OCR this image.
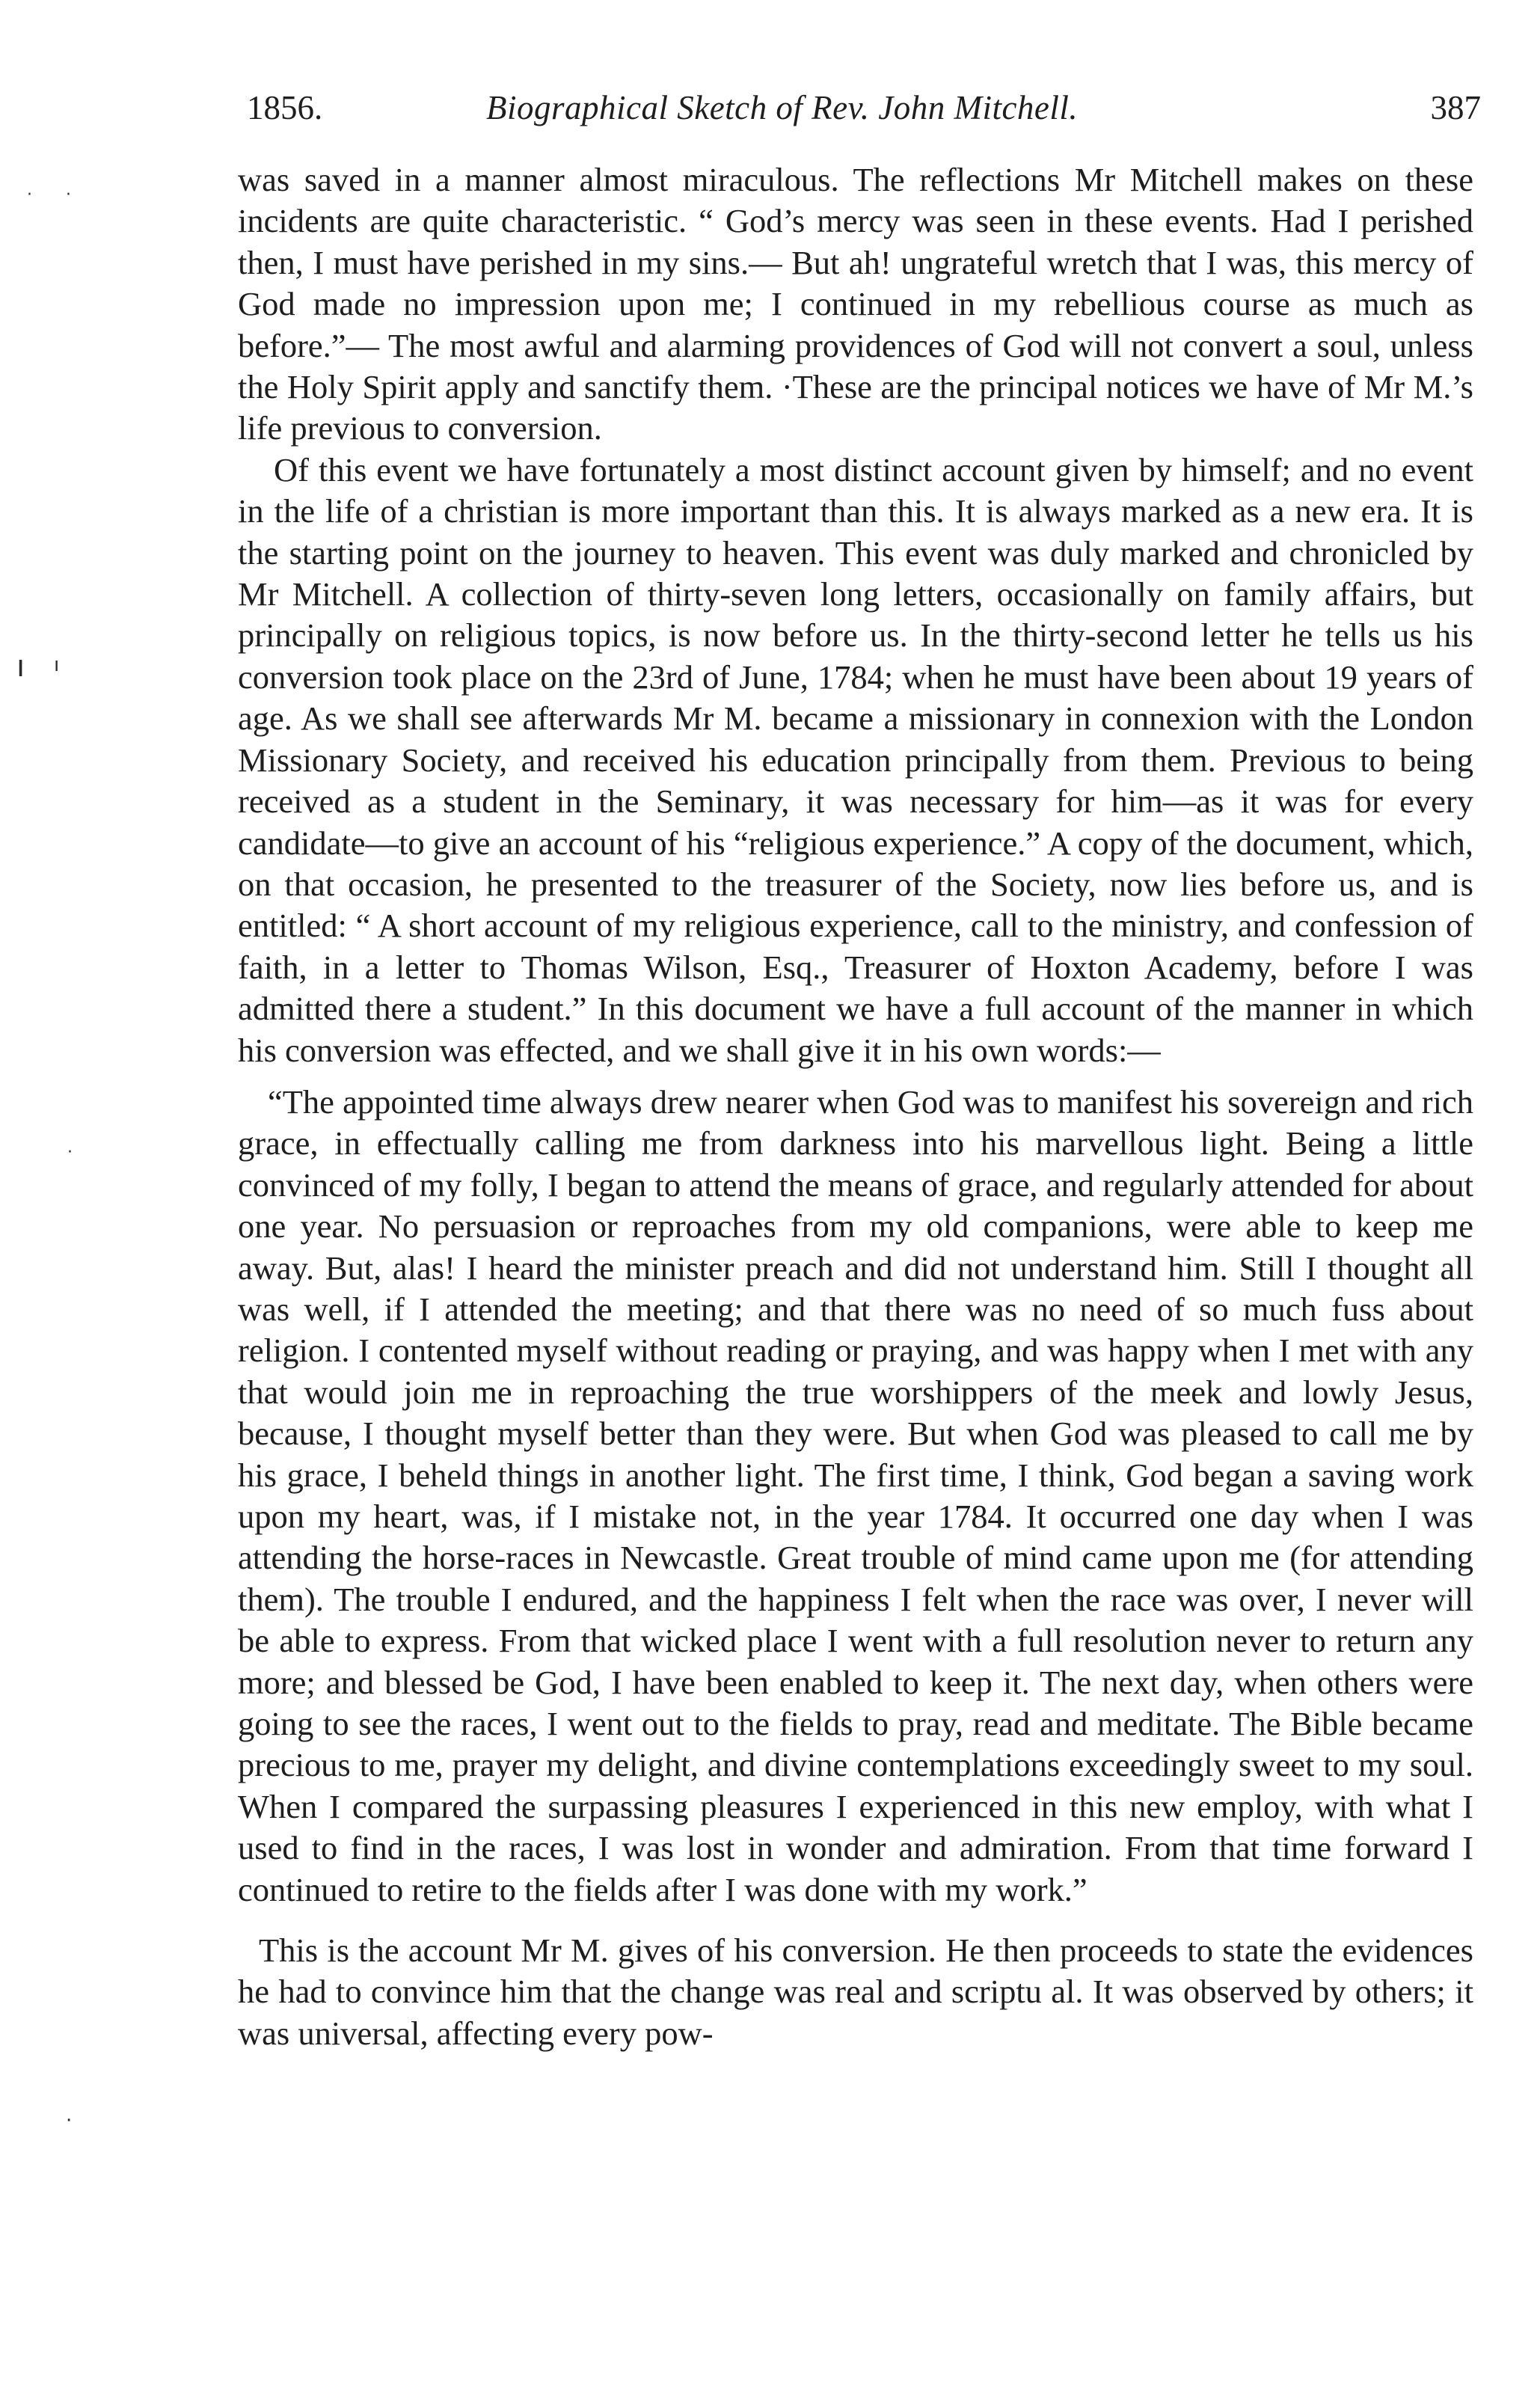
1856.	Biographical Sketch of Rev. John Mitchell.	387
· ·
ı ı
·
·

was saved in a manner almost miraculous. The reflections Mr Mitchell makes on these incidents are quite characteristic. “ God’s mercy was seen in these events. Had I perished then, I must have perished in my sins.— But ah! ungrateful wretch that I was, this mercy of God made no impression upon me; I continued in my rebellious course as much as before.”— The most awful and alarming providences of God will not convert a soul, unless the Holy Spirit apply and sanctify them. ·These are the principal notices we have of Mr M.’s life previous to conversion.

Of this event we have fortunately a most distinct account given by himself; and no event in the life of a christian is more important than this. It is always marked as a new era. It is the starting point on the journey to heaven. This event was duly marked and chronicled by Mr Mitchell. A collection of thirty-seven long letters, occasionally on family affairs, but principally on religious topics, is now before us. In the thirty-second letter he tells us his conversion took place on the 23rd of June, 1784; when he must have been about 19 years of age. As we shall see afterwards Mr M. became a missionary in connexion with the London Missionary Society, and received his education principally from them. Previous to being received as a student in the Seminary, it was necessary for him—as it was for every candidate—to give an account of his “religious experience.” A copy of the document, which, on that occasion, he presented to the treasurer of the Society, now lies before us, and is entitled: “ A short account of my religious experience, call to the ministry, and confession of faith, in a letter to Thomas Wilson, Esq., Treasurer of Hoxton Academy, before I was admitted there a student.” In this document we have a full account of the manner in which his conversion was effected, and we shall give it in his own words:—

“The appointed time always drew nearer when God was to manifest his sovereign and rich grace, in effectually calling me from darkness into his marvellous light. Being a little convinced of my folly, I began to attend the means of grace, and regularly attended for about one year. No persuasion or reproaches from my old companions, were able to keep me away. But, alas! I heard the minister preach and did not understand him. Still I thought all was well, if I attended the meeting; and that there was no need of so much fuss about religion. I contented myself without reading or praying, and was happy when I met with any that would join me in reproaching the true worshippers of the meek and lowly Jesus, because, I thought myself better than they were. But when God was pleased to call me by his grace, I beheld things in another light. The first time, I think, God began a saving work upon my heart, was, if I mistake not, in the year 1784. It occurred one day when I was attending the horse-races in Newcastle. Great trouble of mind came upon me (for attending them). The trouble I endured, and the happiness I felt when the race was over, I never will be able to express. From that wicked place I went with a full resolution never to return any more; and blessed be God, I have been enabled to keep it. The next day, when others were going to see the races, I went out to the fields to pray, read and meditate. The Bible became precious to me, prayer my delight, and divine contemplations exceedingly sweet to my soul. When I compared the surpassing pleasures I experienced in this new employ, with what I used to find in the races, I was lost in wonder and admiration. From that time forward I continued to retire to the fields after I was done with my work.”

This is the account Mr M. gives of his conversion. He then proceeds to state the evidences he had to convince him that the change was real and scriptu al. It was observed by others; it was universal, affecting every pow-
